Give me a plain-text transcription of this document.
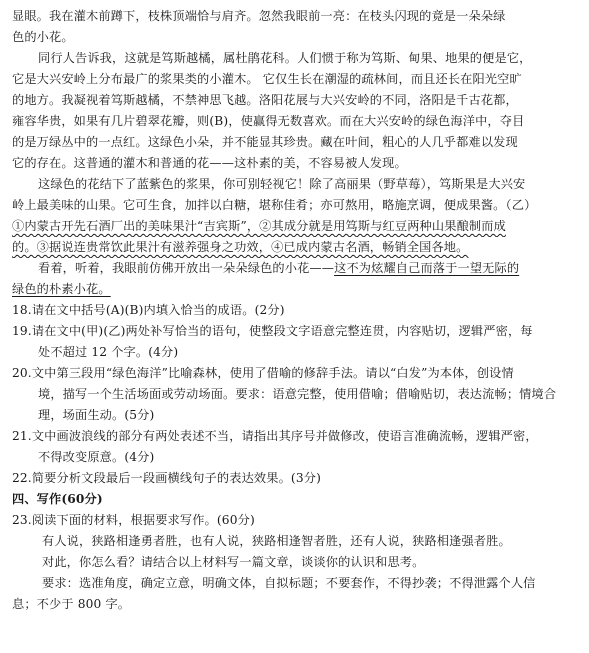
显眼。我在灌木前蹲下，枝株顶端恰与肩齐。忽然我眼前一亮：在枝头闪现的竟是一朵朵绿
色的小花。
同行人告诉我，这就是笃斯越橘，属杜鹃花科。人们惯于称为笃斯、甸果、地果的便是它，
它是大兴安岭上分布最广的浆果类的小灌木。 它仅生长在潮湿的疏林间，而且还长在阳光空旷
的地方。我凝视着笃斯越橘，不禁神思飞越。洛阳花展与大兴安岭的不同，洛阳是千古花都，
雍容华贵，如果有几片碧翠花瓣，则(B)，使赢得无数喜欢。而在大兴安岭的绿色海洋中，夺目
的是万绿丛中的一点红。这绿色小朵，并不能显其珍贵。藏在叶间，粗心的人几乎都难以发现
它的存在。这普通的灌木和普通的花——这朴素的美，不容易被人发现。
这绿色的花结下了蓝紫色的浆果，你可别轻视它！除了高丽果（野草莓），笃斯果是大兴安
岭上最美味的山果。它可生食，加拌以白糖，堪称佳肴；亦可熬用，略施烹调，便成果酱。（乙）
①内蒙古开先石酒厂出的美味果汁“吉宾斯”，②其成分就是用笃斯与红豆两种山果酿制而成
的。③据说连贵常饮此果汁有滋养强身之功效，④已成内蒙古名酒，畅销全国各地。
看着，听着，我眼前仿佛开放出一朵朵绿色的小花——这不为炫耀自己而落于一望无际的
绿色的朴素小花。
18.请在文中括号(A)(B)内填入恰当的成语。(2分)
19.请在文中(甲)(乙)两处补写恰当的语句，使整段文字语意完整连贯，内容贴切，逻辑严密，每
处不超过 12 个字。(4分)
20.文中第三段用“绿色海洋”比喻森林，使用了借喻的修辞手法。请以“白发”为本体，创设情
境，描写一个生活场面或劳动场面。要求：语意完整，使用借喻；借喻贴切，表达流畅；情境合
理，场面生动。(5分)
21.文中画波浪线的部分有两处表述不当，请指出其序号并做修改，使语言准确流畅，逻辑严密，
不得改变原意。(4分)
22.简要分析文段最后一段画横线句子的表达效果。(3分)
四、写作(60分)
23.阅读下面的材料，根据要求写作。(60分)
有人说，狭路相逢勇者胜，也有人说，狭路相逢智者胜，还有人说，狭路相逢强者胜。
对此，你怎么看？请结合以上材料写一篇文章，谈谈你的认识和思考。
要求：选准角度，确定立意，明确文体，自拟标题；不要套作，不得抄袭；不得泄露个人信
息；不少于 800 字。
